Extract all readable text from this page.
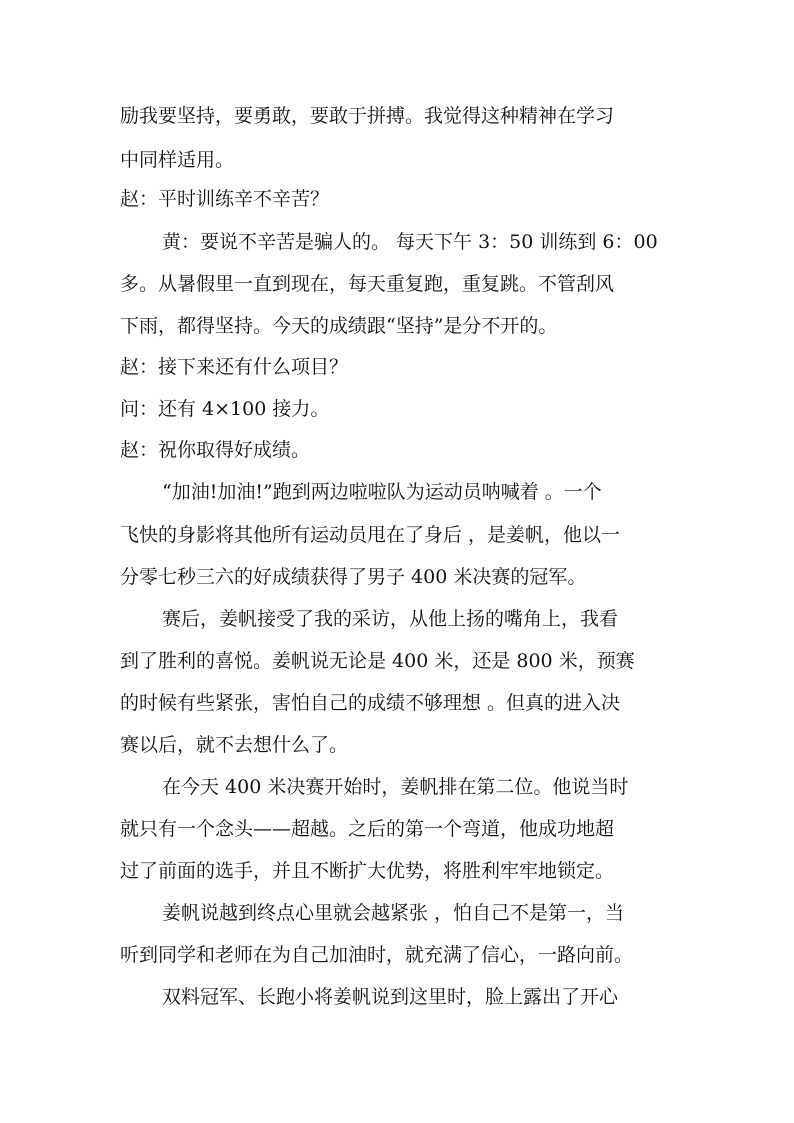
励我要坚持，要勇敢，要敢于拼搏。我觉得这种精神在学习
中同样适用。
赵：平时训练辛不辛苦？
黄：要说不辛苦是骗人的。 每天下午 3：50 训练到 6：00
多。从暑假里一直到现在，每天重复跑，重复跳。不管刮风
下雨，都得坚持。今天的成绩跟“坚持”是分不开的。
赵：接下来还有什么项目？
问：还有 4×100 接力。
赵：祝你取得好成绩。
“加油!加油!”跑到两边啦啦队为运动员呐喊着 。一个
飞快的身影将其他所有运动员甩在了身后 ，是姜帆，他以一
分零七秒三六的好成绩获得了男子 400 米决赛的冠军。
赛后，姜帆接受了我的采访，从他上扬的嘴角上，我看
到了胜利的喜悦。姜帆说无论是 400 米，还是 800 米，预赛
的时候有些紧张，害怕自己的成绩不够理想 。但真的进入决
赛以后，就不去想什么了。
在今天 400 米决赛开始时，姜帆排在第二位。他说当时
就只有一个念头——超越。之后的第一个弯道，他成功地超
过了前面的选手，并且不断扩大优势，将胜利牢牢地锁定。
姜帆说越到终点心里就会越紧张 ，怕自己不是第一，当
听到同学和老师在为自己加油时，就充满了信心，一路向前。
双料冠军、长跑小将姜帆说到这里时，脸上露出了开心
